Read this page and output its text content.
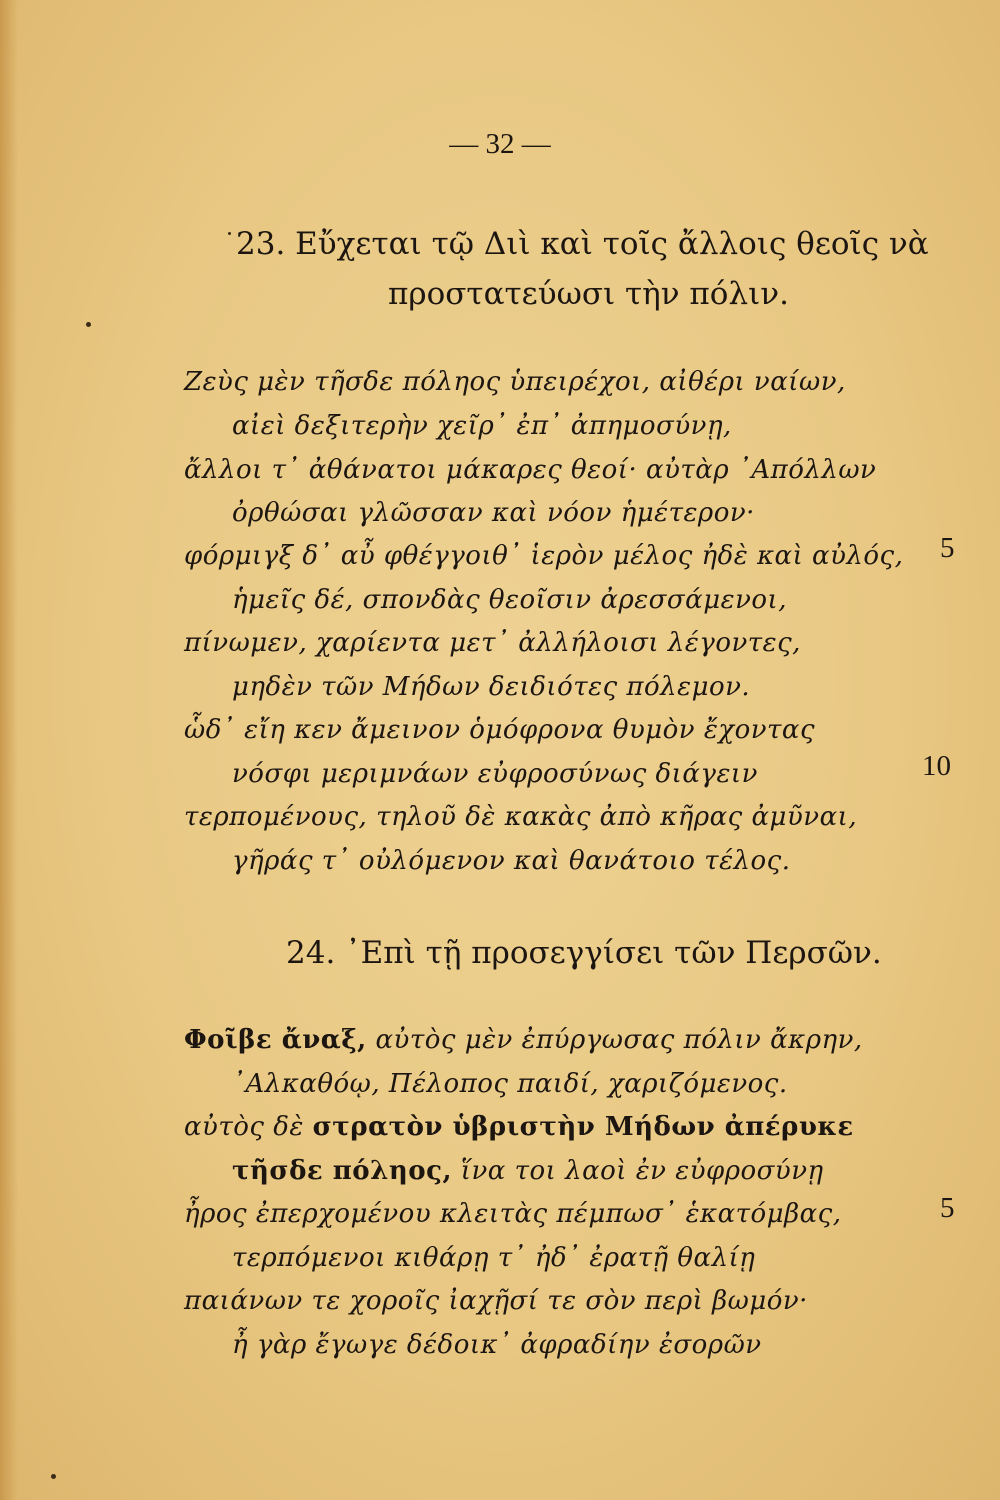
— 32 —
23. Εὔχεται τῷ Διὶ καὶ τοῖς ἄλλοις θεοῖς νὰ
προστατεύωσι τὴν πόλιν.
Ζεὺς μὲν τῆσδε πόληος ὑπειρέχοι, αἰθέρι ναίων,
αἰεὶ δεξιτερὴν χεῖρ᾽ ἐπ᾽ ἀπημοσύνῃ,
ἄλλοι τ᾽ ἀθάνατοι μάκαρες θεοί· αὐτὰρ ᾿Απόλλων
ὀρθώσαι γλῶσσαν καὶ νόον ἡμέτερον·
φόρμιγξ δ᾽ αὖ φθέγγοιθ᾽ ἱερὸν μέλος ἠδὲ καὶ αὐλός, 5
ἡμεῖς δέ, σπονδὰς θεοῖσιν ἀρεσσάμενοι,
πίνωμεν, χαρίεντα μετ᾽ ἀλλήλοισι λέγοντες,
μηδὲν τῶν Μήδων δειδιότες πόλεμον.
ὧδ᾽ εἴη κεν ἄμεινον ὁμόφρονα θυμὸν ἔχοντας
νόσφι μεριμνάων εὐφροσύνως διάγειν	10
τερπομένους, τηλοῦ δὲ κακὰς ἀπὸ κῆρας ἀμῦναι,
γῆράς τ᾽ οὐλόμενον καὶ θανάτοιο τέλος.
24. ᾿Επὶ τῇ προσεγγίσει τῶν Περσῶν.
Φοῖβε ἄναξ, αὐτὸς μὲν ἐπύργωσας πόλιν ἄκρην,
᾿Αλκαθόῳ, Πέλοπος παιδί, χαριζόμενος.
αὐτὸς δὲ στρατὸν ὑβριστὴν Μήδων ἀπέρυκε
τῆσδε πόληος, ἵνα τοι λαοὶ ἐν εὐφροσύνῃ
ἦρος ἐπερχομένου κλειτὰς πέμπωσ᾽ ἑκατόμβας,	5
τερπόμενοι κιθάρῃ τ᾽ ἠδ᾽ ἐρατῇ θαλίῃ
παιάνων τε χοροῖς ἰαχῇσί τε σὸν περὶ βωμόν·
ἦ γὰρ ἔγωγε δέδοικ᾽ ἀφραδίην ἐσορῶν
